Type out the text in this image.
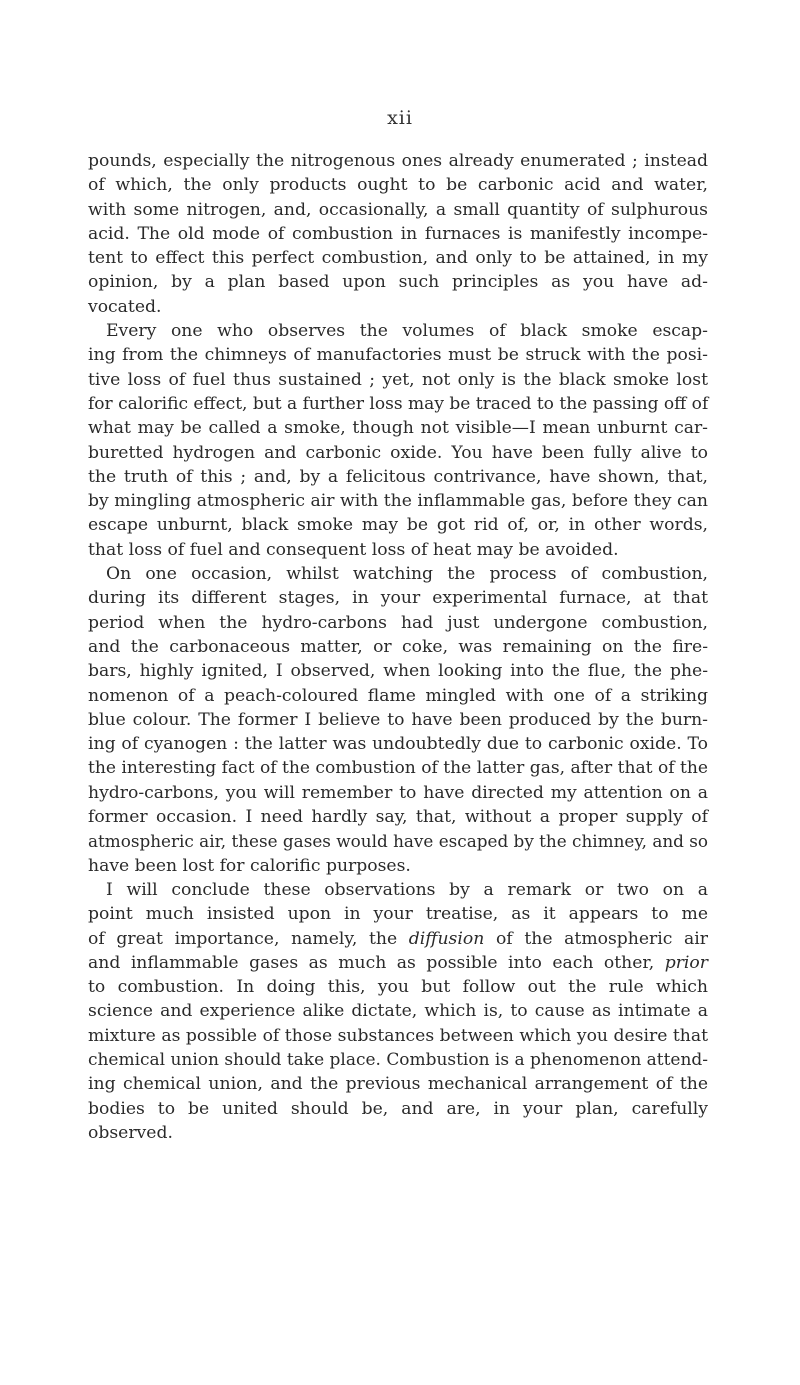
xii
pounds, especially the nitrogenous ones already enumerated ; instead
of which, the only products ought to be carbonic acid and water,
with some nitrogen, and, occasionally, a small quantity of sulphurous
acid. The old mode of combustion in furnaces is manifestly incompe-
tent to effect this perfect combustion, and only to be attained, in my
opinion, by a plan based upon such principles as you have ad-
vocated.
Every one who observes the volumes of black smoke escap-
ing from the chimneys of manufactories must be struck with the posi-
tive loss of fuel thus sustained ; yet, not only is the black smoke lost
for calorific effect, but a further loss may be traced to the passing off of
what may be called a smoke, though not visible—I mean unburnt car-
buretted hydrogen and carbonic oxide. You have been fully alive to
the truth of this ; and, by a felicitous contrivance, have shown, that,
by mingling atmospheric air with the inflammable gas, before they can
escape unburnt, black smoke may be got rid of, or, in other words,
that loss of fuel and consequent loss of heat may be avoided.
On one occasion, whilst watching the process of combustion,
during its different stages, in your experimental furnace, at that
period when the hydro-carbons had just undergone combustion,
and the carbonaceous matter, or coke, was remaining on the fire-
bars, highly ignited, I observed, when looking into the flue, the phe-
nomenon of a peach-coloured flame mingled with one of a striking
blue colour. The former I believe to have been produced by the burn-
ing of cyanogen : the latter was undoubtedly due to carbonic oxide. To
the interesting fact of the combustion of the latter gas, after that of the
hydro-carbons, you will remember to have directed my attention on a
former occasion. I need hardly say, that, without a proper supply of
atmospheric air, these gases would have escaped by the chimney, and so
have been lost for calorific purposes.
I will conclude these observations by a remark or two on a
point much insisted upon in your treatise, as it appears to me
of great importance, namely, the diffusion of the atmospheric air
and inflammable gases as much as possible into each other, prior
to combustion. In doing this, you but follow out the rule which
science and experience alike dictate, which is, to cause as intimate a
mixture as possible of those substances between which you desire that
chemical union should take place. Combustion is a phenomenon attend-
ing chemical union, and the previous mechanical arrangement of the
bodies to be united should be, and are, in your plan, carefully
observed.
